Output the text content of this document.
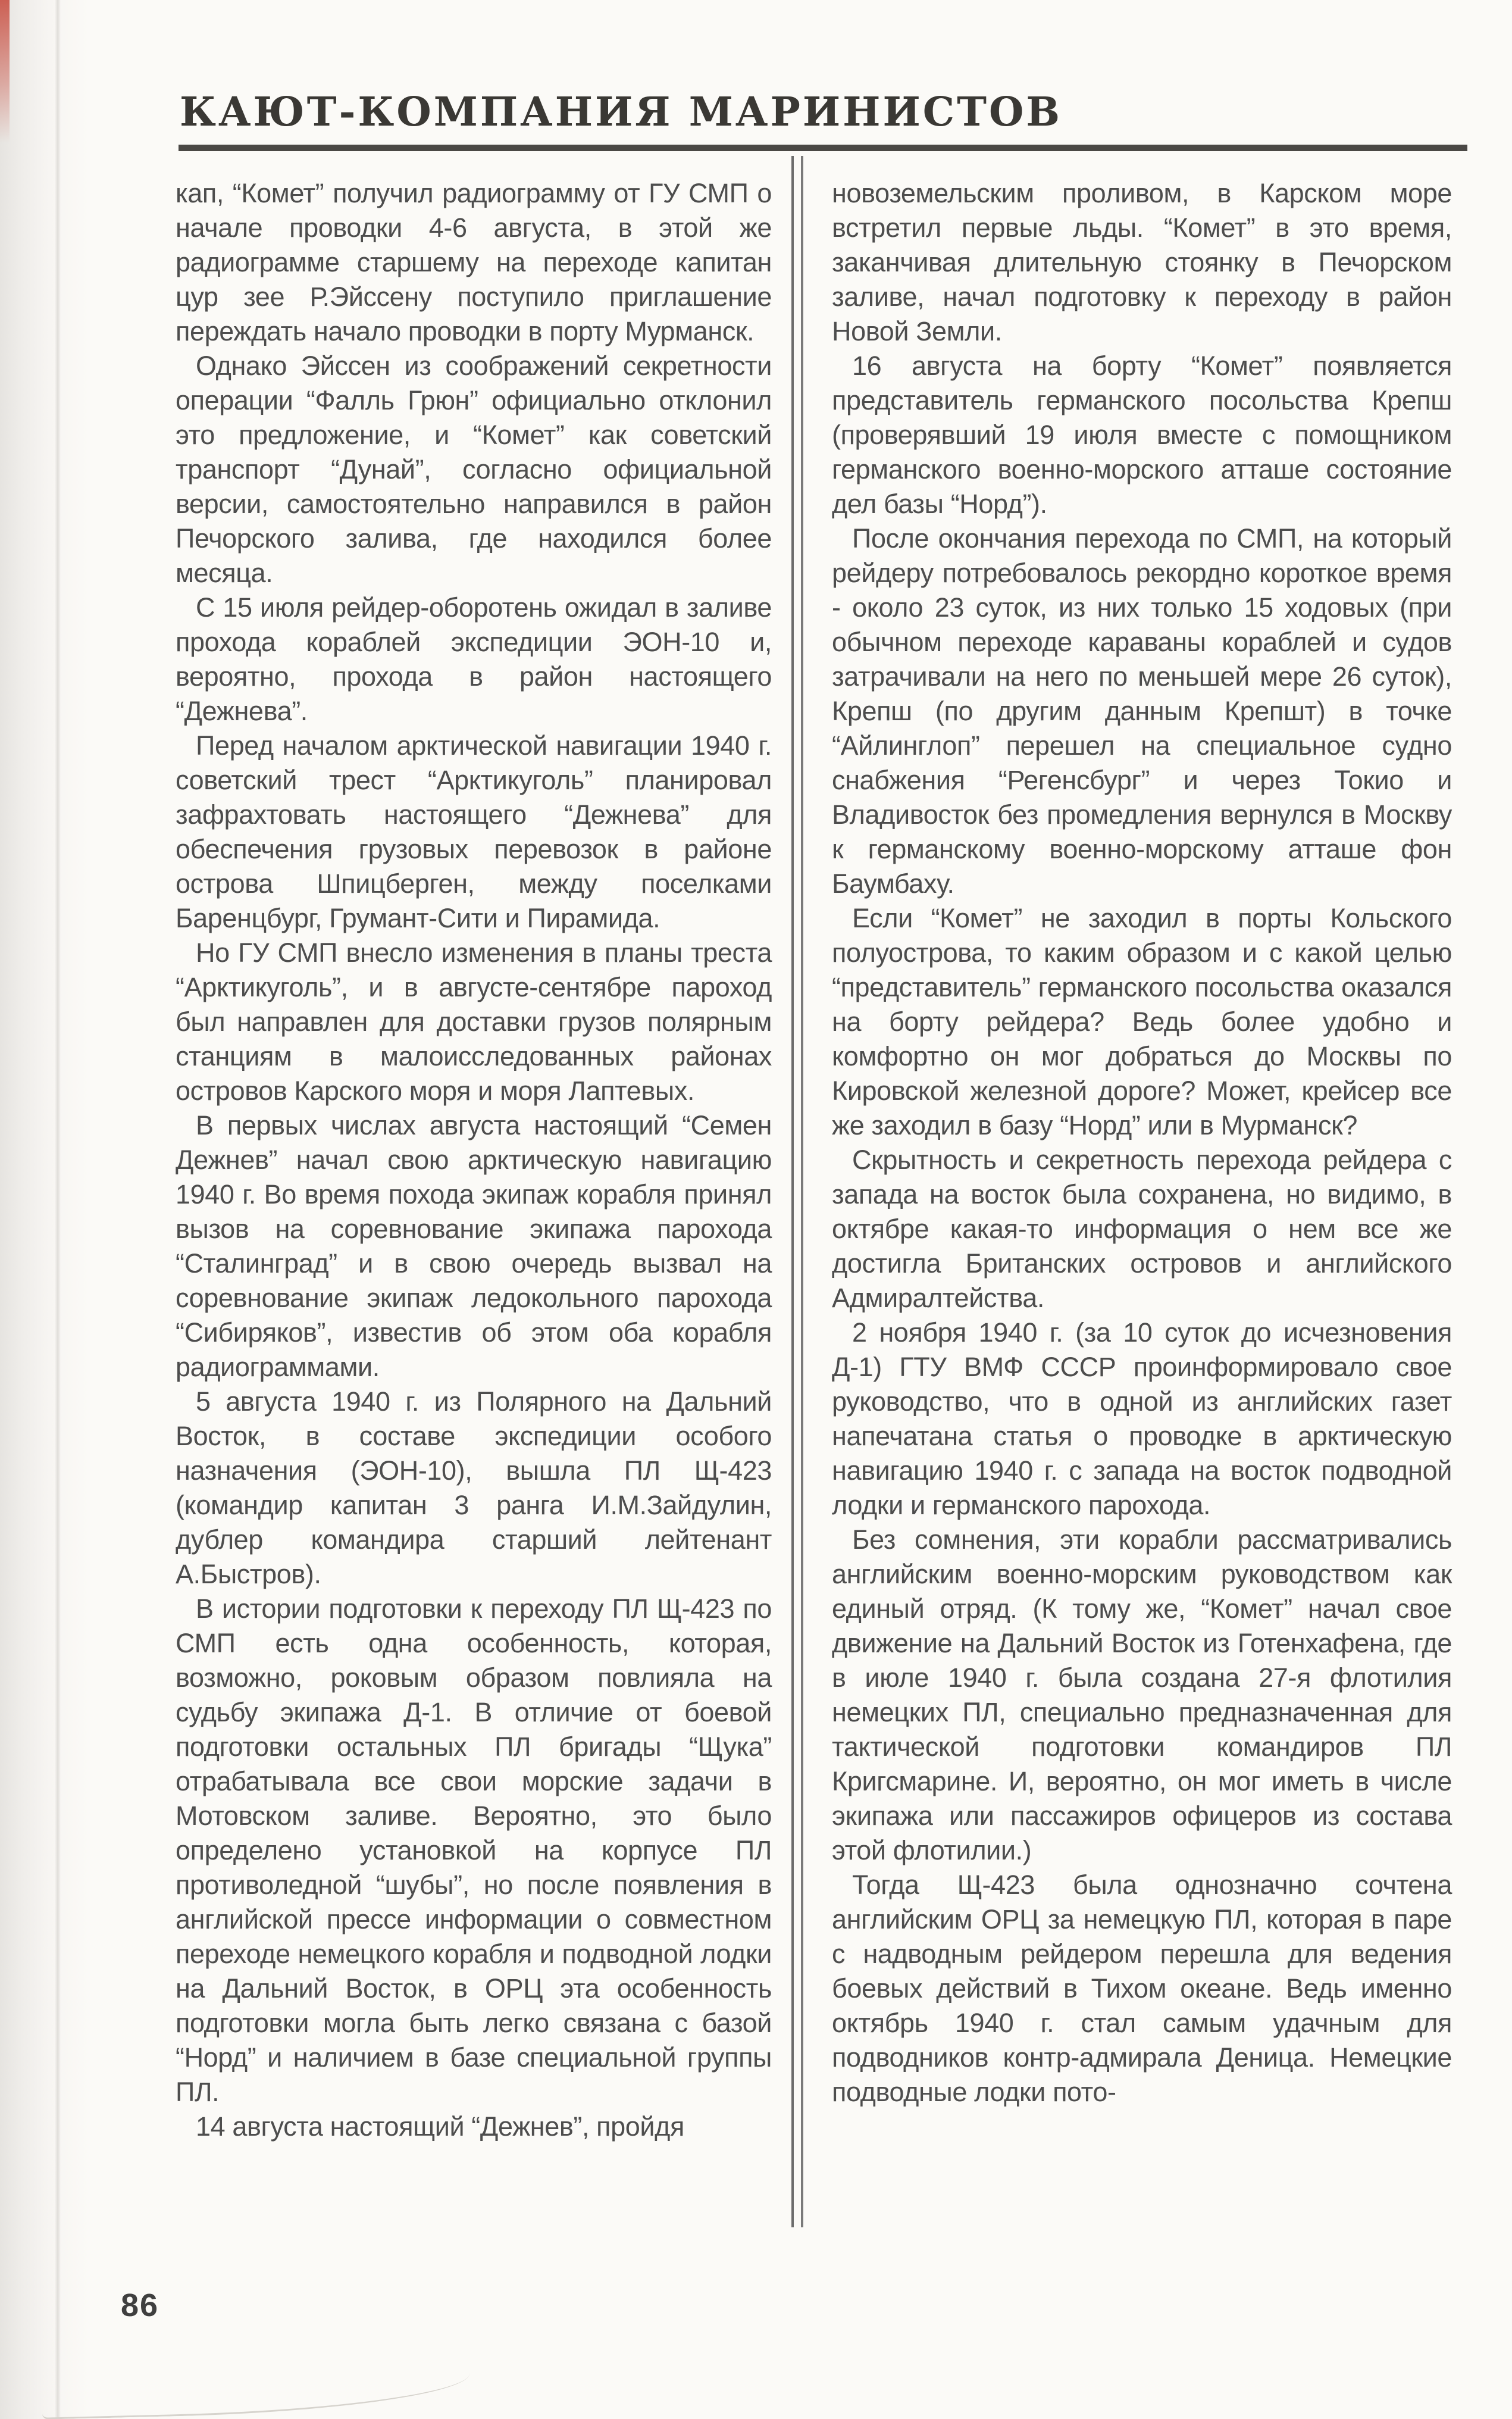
КАЮТ-КОМПАНИЯ МАРИНИСТОВ

кап, “Комет” получил радиограмму от ГУ СМП о начале проводки 4-6 августа, в этой же радиограмме старшему на переходе капитан цур зее Р.Эйссену поступило приглашение переждать начало проводки в порту Мурманск.

Однако Эйссен из соображений секретности операции “Фалль Грюн” официально отклонил это предложение, и “Комет” как советский транспорт “Дунай”, согласно официальной версии, самостоятельно направился в район Печорского залива, где находился более месяца.

С 15 июля рейдер-оборотень ожидал в заливе прохода кораблей экспедиции ЭОН-10 и, вероятно, прохода в район настоящего “Дежнева”.

Перед началом арктической навигации 1940 г. советский трест “Арктикуголь” планировал зафрахтовать настоящего “Дежнева” для обеспечения грузовых перевозок в районе острова Шпицберген, между поселками Баренцбург, Грумант-Сити и Пирамида.

Но ГУ СМП внесло изменения в планы треста “Арктикуголь”, и в августе-сентябре пароход был направлен для доставки грузов полярным станциям в малоисследованных районах островов Карского моря и моря Лаптевых.

В первых числах августа настоящий “Семен Дежнев” начал свою арктическую навигацию 1940 г. Во время похода экипаж корабля принял вызов на соревнование экипажа парохода “Сталинград” и в свою очередь вызвал на соревнование экипаж ледокольного парохода “Сибиряков”, известив об этом оба корабля радиограммами.

5 августа 1940 г. из Полярного на Дальний Восток, в составе экспедиции особого назначения (ЭОН-10), вышла ПЛ Щ-423 (командир капитан 3 ранга И.М.Зайдулин, дублер командира старший лейтенант А.Быстров).

В истории подготовки к переходу ПЛ Щ-423 по СМП есть одна особенность, которая, возможно, роковым образом повлияла на судьбу экипажа Д-1. В отличие от боевой подготовки остальных ПЛ бригады “Щука” отрабатывала все свои морские задачи в Мотовском заливе. Вероятно, это было определено установкой на корпусе ПЛ противоледной “шубы”, но после появления в английской прессе информации о совместном переходе немецкого корабля и подводной лодки на Дальний Восток, в ОРЦ эта особенность подготовки могла быть легко связана с базой “Норд” и наличием в базе специальной группы ПЛ.

14 августа настоящий “Дежнев”, пройдя

новоземельским проливом, в Карском море встретил первые льды. “Комет” в это время, заканчивая длительную стоянку в Печорском заливе, начал подготовку к переходу в район Новой Земли.

16 августа на борту “Комет” появляется представитель германского посольства Крепш (проверявший 19 июля вместе с помощником германского военно-морского атташе состояние дел базы “Норд”).

После окончания перехода по СМП, на который рейдеру потребовалось рекордно короткое время - около 23 суток, из них только 15 ходовых (при обычном переходе караваны кораблей и судов затрачивали на него по меньшей мере 26 суток), Крепш (по другим данным Крепшт) в точке “Айлинглоп” перешел на специальное судно снабжения “Регенсбург” и через Токио и Владивосток без промедления вернулся в Москву к германскому военно-морскому атташе фон Баумбаху.

Если “Комет” не заходил в порты Кольского полуострова, то каким образом и с какой целью “представитель” германского посольства оказался на борту рейдера? Ведь более удобно и комфортно он мог добраться до Москвы по Кировской железной дороге? Может, крейсер все же заходил в базу “Норд” или в Мурманск?

Скрытность и секретность перехода рейдера с запада на восток была сохранена, но видимо, в октябре какая-то информация о нем все же достигла Британских островов и английского Адмиралтейства.

2 ноября 1940 г. (за 10 суток до исчезновения Д-1) ГТУ ВМФ СССР проинформировало свое руководство, что в одной из английских газет напечатана статья о проводке в арктическую навигацию 1940 г. с запада на восток подводной лодки и германского парохода.

Без сомнения, эти корабли рассматривались английским военно-морским руководством как единый отряд. (К тому же, “Комет” начал свое движение на Дальний Восток из Готенхафена, где в июле 1940 г. была создана 27-я флотилия немецких ПЛ, специально предназначенная для тактической подготовки командиров ПЛ Кригсмарине. И, вероятно, он мог иметь в числе экипажа или пассажиров офицеров из состава этой флотилии.)

Тогда Щ-423 была однозначно сочтена английским ОРЦ за немецкую ПЛ, которая в паре с надводным рейдером перешла для ведения боевых действий в Тихом океане. Ведь именно октябрь 1940 г. стал самым удачным для подводников контр-адмирала Деница. Немецкие подводные лодки пото-

86
